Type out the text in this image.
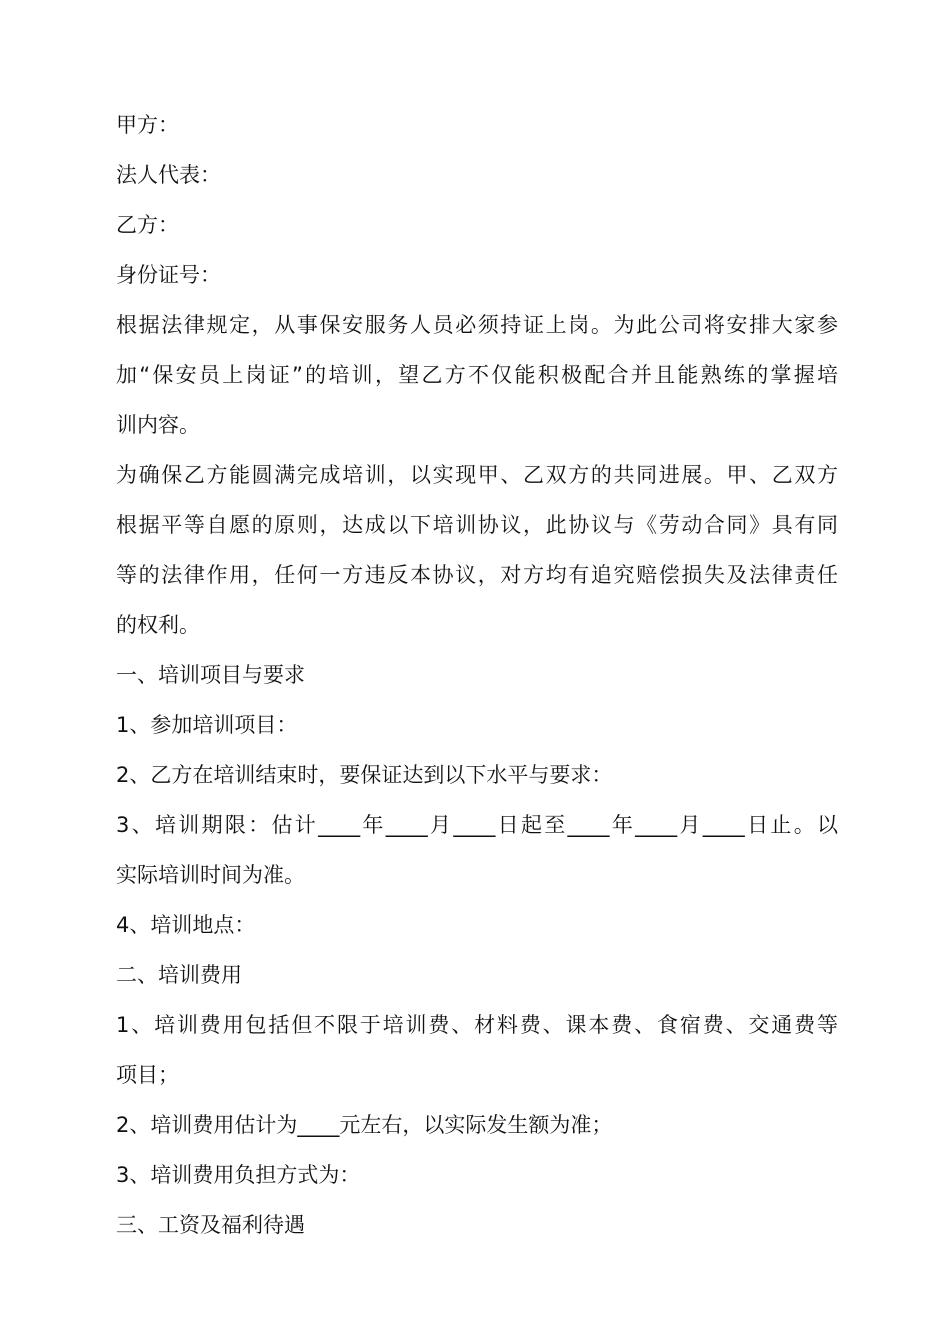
甲方：
法人代表：
乙方：
身份证号：
根据法律规定，从事保安服务人员必须持证上岗。为此公司将安排大家参
加“保安员上岗证”的培训，望乙方不仅能积极配合并且能熟练的掌握培
训内容。
为确保乙方能圆满完成培训，以实现甲、乙双方的共同进展。甲、乙双方
根据平等自愿的原则，达成以下培训协议，此协议与《劳动合同》具有同
等的法律作用，任何一方违反本协议，对方均有追究赔偿损失及法律责任
的权利。
一、培训项目与要求
1、参加培训项目：
2、乙方在培训结束时，要保证达到以下水平与要求：
3、培训期限：估计____年____月____日起至____年____月____日止。以
实际培训时间为准。
4、培训地点：
二、培训费用
1、培训费用包括但不限于培训费、材料费、课本费、食宿费、交通费等
项目；
2、培训费用估计为____元左右，以实际发生额为准；
3、培训费用负担方式为：
三、工资及福利待遇
